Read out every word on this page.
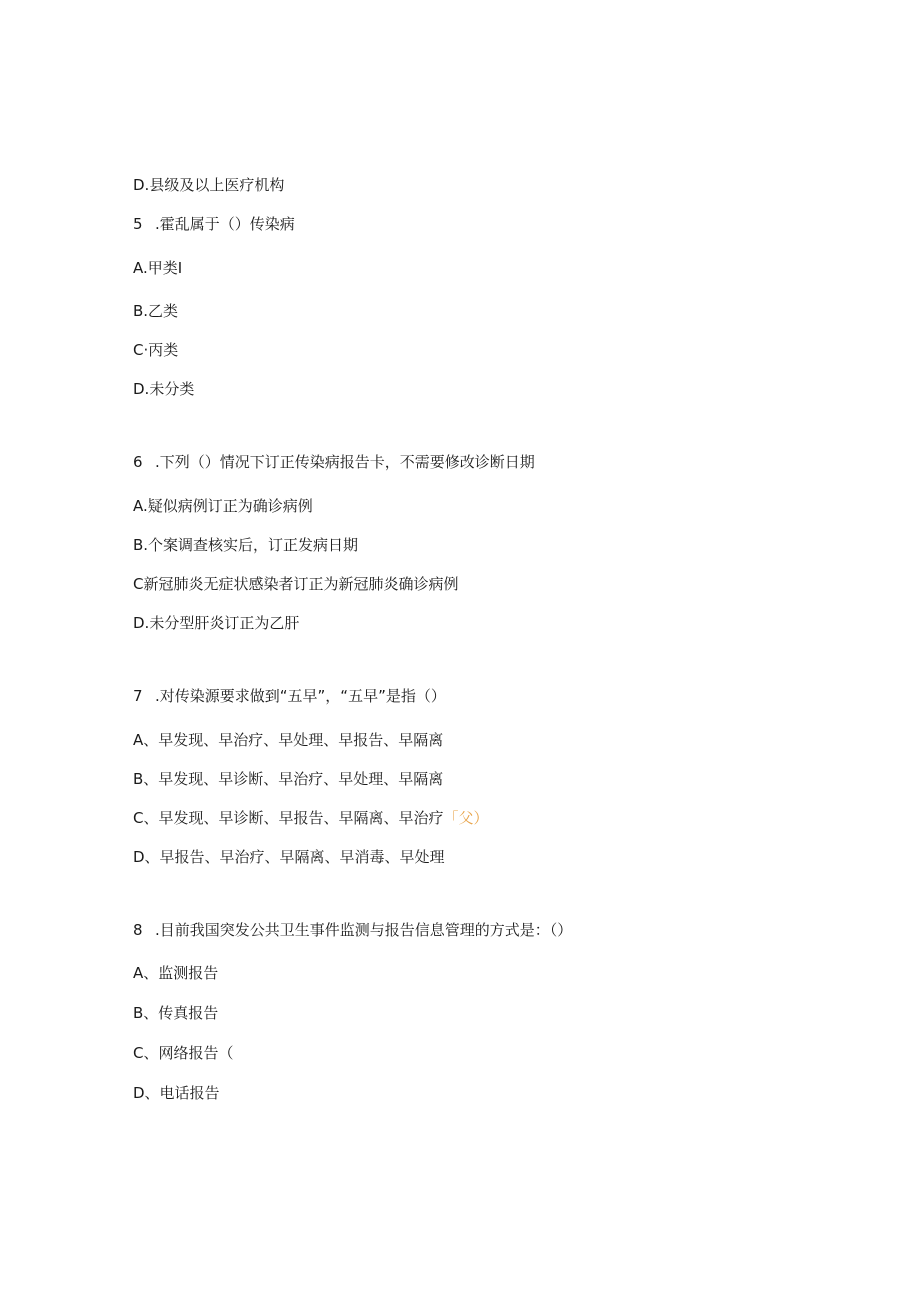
D.县级及以上医疗机构
5 .霍乱属于（）传染病
A.甲类I
B.乙类
C·丙类
D.未分类
6 .下列（）情况下订正传染病报告卡，不需要修改诊断日期
A.疑似病例订正为确诊病例
B.个案调查核实后，订正发病日期
C新冠肺炎无症状感染者订正为新冠肺炎确诊病例
D.未分型肝炎订正为乙肝
7 .对传染源要求做到“五早”，“五早”是指（）
A、早发现、早治疗、早处理、早报告、早隔离
B、早发现、早诊断、早治疗、早处理、早隔离
C、早发现、早诊断、早报告、早隔离、早治疗「父）
D、早报告、早治疗、早隔离、早消毒、早处理
8 .目前我国突发公共卫生事件监测与报告信息管理的方式是：（）
A、监测报告
B、传真报告
C、网络报告（
D、电话报告
